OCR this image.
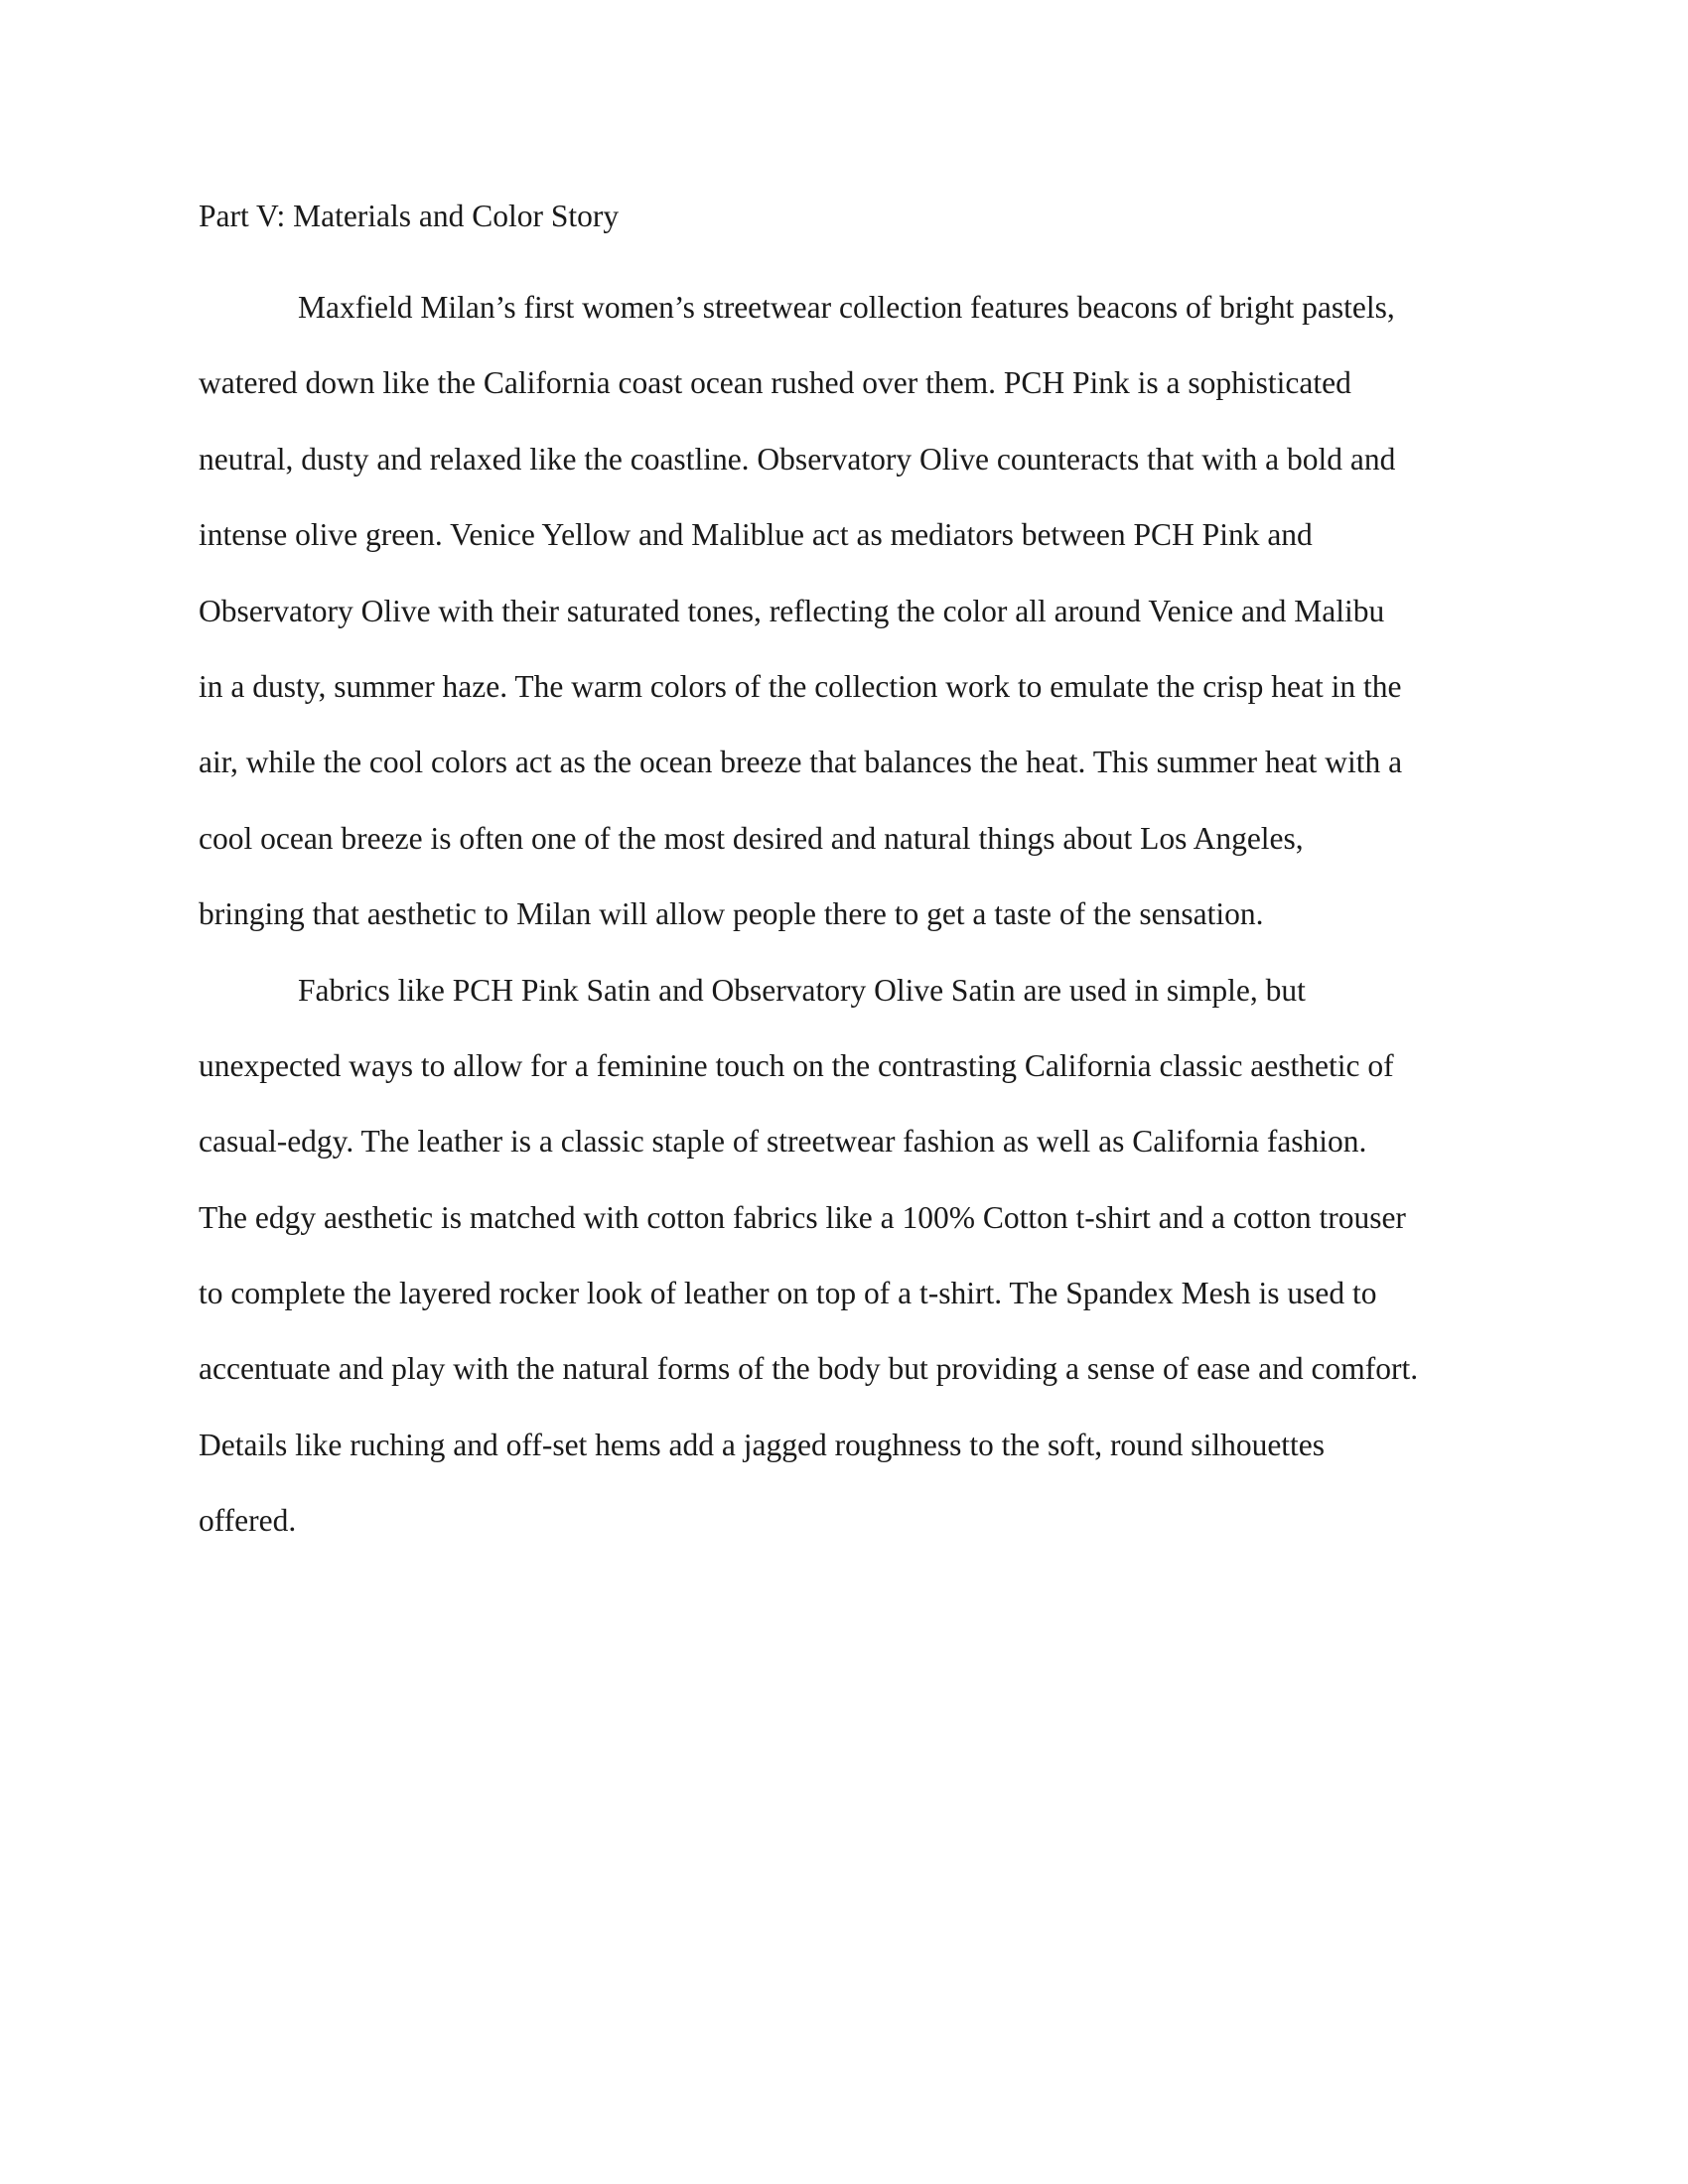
Part V: Materials and Color Story
Maxfield Milan’s first women’s streetwear collection features beacons of bright pastels,
watered down like the California coast ocean rushed over them. PCH Pink is a sophisticated
neutral, dusty and relaxed like the coastline. Observatory Olive counteracts that with a bold and
intense olive green. Venice Yellow and Maliblue act as mediators between PCH Pink and
Observatory Olive with their saturated tones, reflecting the color all around Venice and Malibu
in a dusty, summer haze. The warm colors of the collection work to emulate the crisp heat in the
air, while the cool colors act as the ocean breeze that balances the heat. This summer heat with a
cool ocean breeze is often one of the most desired and natural things about Los Angeles,
bringing that aesthetic to Milan will allow people there to get a taste of the sensation.
Fabrics like PCH Pink Satin and Observatory Olive Satin are used in simple, but
unexpected ways to allow for a feminine touch on the contrasting California classic aesthetic of
casual-edgy. The leather is a classic staple of streetwear fashion as well as California fashion.
The edgy aesthetic is matched with cotton fabrics like a 100% Cotton t-shirt and a cotton trouser
to complete the layered rocker look of leather on top of a t-shirt. The Spandex Mesh is used to
accentuate and play with the natural forms of the body but providing a sense of ease and comfort.
Details like ruching and off-set hems add a jagged roughness to the soft, round silhouettes
offered.
